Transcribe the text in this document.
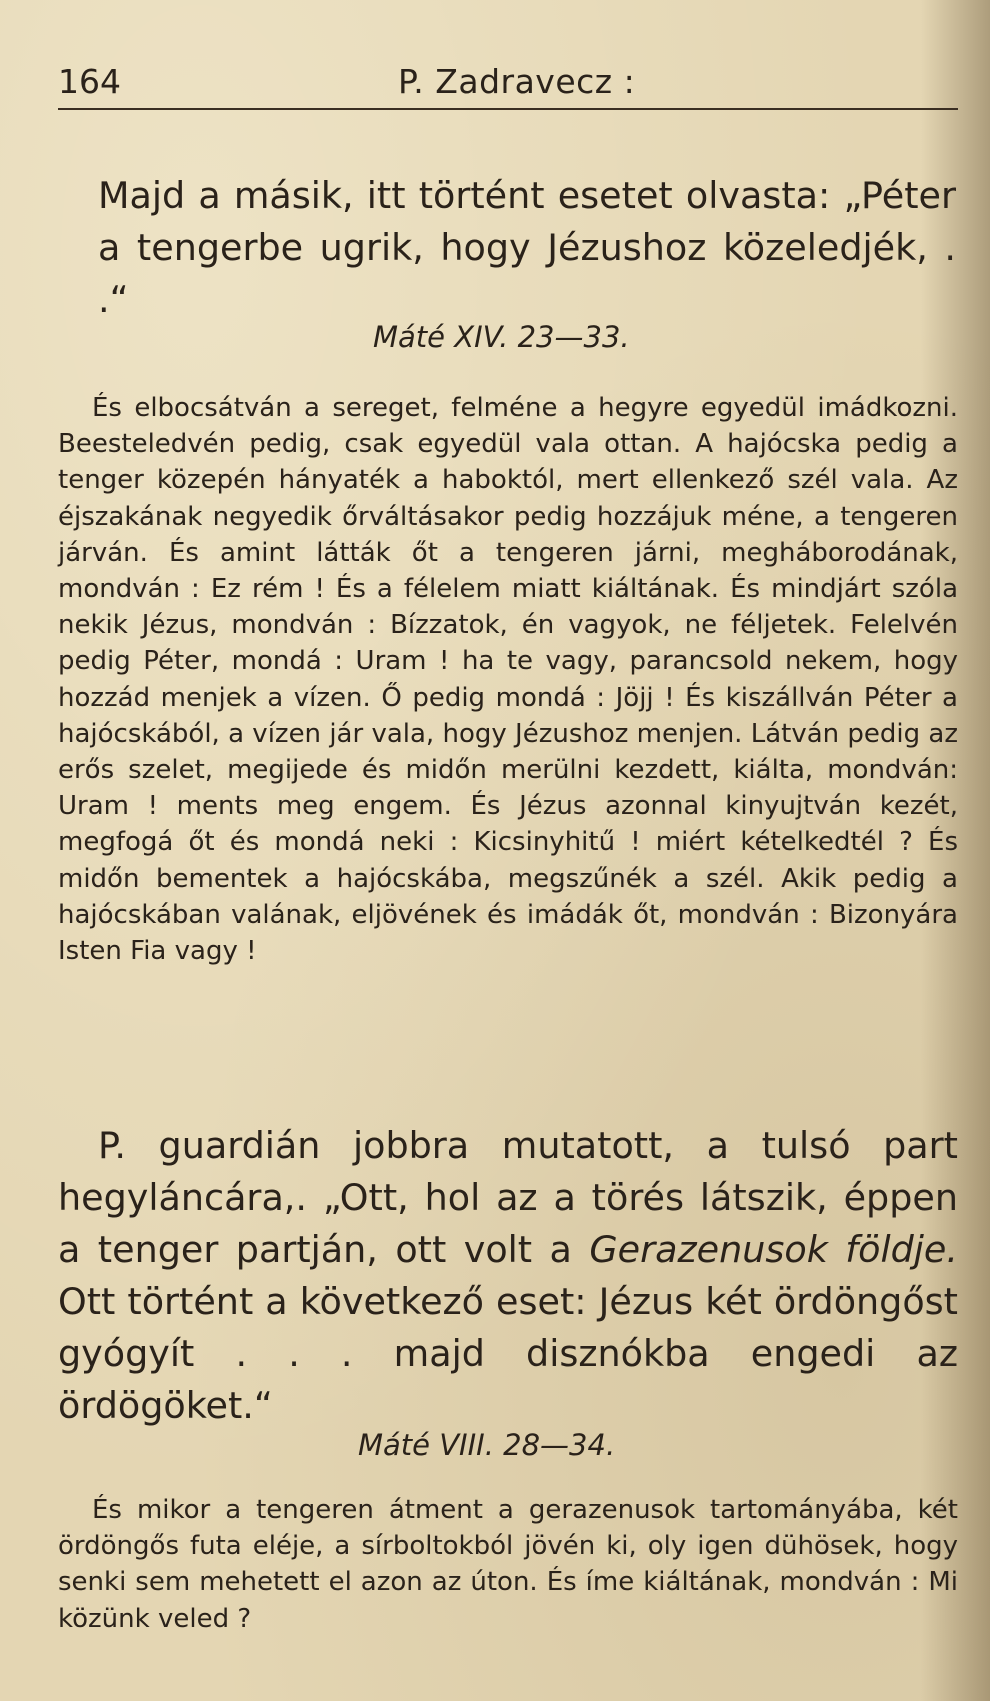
164	P. Zadravecz :

Majd a másik, itt történt esetet olvasta: „Péter a tengerbe ugrik, hogy Jézushoz közeledjék, . .“

Máté XIV. 23—33.

És elbocsátván a sereget, felméne a hegyre egyedül imádkozni. Beesteledvén pedig, csak egyedül vala ottan. A hajócska pedig a tenger közepén hányaték a haboktól, mert ellenkező szél vala. Az éjszakának negyedik őrváltásakor pedig hozzájuk méne, a tengeren járván. És amint látták őt a tengeren járni, megháborodának, mondván : Ez rém ! És a félelem miatt kiáltának. És mindjárt szóla nekik Jézus, mondván : Bízzatok, én vagyok, ne féljetek. Felelvén pedig Péter, mondá : Uram ! ha te vagy, parancsold nekem, hogy hozzád menjek a vízen. Ő pedig mondá : Jöjj ! És kiszállván Péter a hajócskából, a vízen jár vala, hogy Jézushoz menjen. Látván pedig az erős szelet, megijede és midőn merülni kezdett, kiálta, mondván: Uram ! ments meg engem. És Jézus azonnal kinyujtván kezét, megfogá őt és mondá neki : Kicsinyhitű ! miért kételkedtél ? És midőn bementek a hajócskába, megszűnék a szél. Akik pedig a hajócskában valának, eljövének és imádák őt, mondván : Bizonyára Isten Fia vagy !

P. guardián jobbra mutatott, a tulsó part hegyláncára,. „Ott, hol az a törés látszik, éppen a tenger partján, ott volt a Gerazenusok földje. Ott történt a következő eset: Jézus két ördöngőst gyógyít . . . majd disznókba engedi az ördögöket.“

Máté VIII. 28—34.

És mikor a tengeren átment a gerazenusok tartományába, két ördöngős futa eléje, a sírboltokból jövén ki, oly igen dühösek, hogy senki sem mehetett el azon az úton. És íme kiáltának, mondván : Mi közünk veled ?
